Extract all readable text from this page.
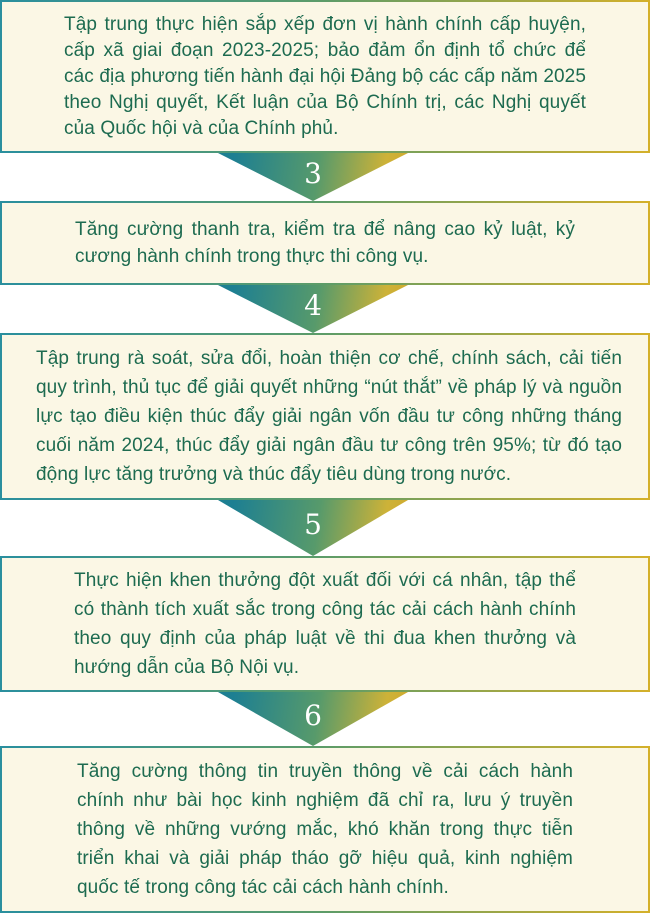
Tập trung thực hiện sắp xếp đơn vị hành chính cấp huyện, cấp xã giai đoạn 2023-2025; bảo đảm ổn định tổ chức để các địa phương tiến hành đại hội Đảng bộ các cấp năm 2025 theo Nghị quyết, Kết luận của Bộ Chính trị, các Nghị quyết của Quốc hội và của Chính phủ.
3
Tăng cường thanh tra, kiểm tra để nâng cao kỷ luật, kỷ cương hành chính trong thực thi công vụ.
4
Tập trung rà soát, sửa đổi, hoàn thiện cơ chế, chính sách, cải tiến quy trình, thủ tục để giải quyết những “nút thắt” về pháp lý và nguồn lực tạo điều kiện thúc đẩy giải ngân vốn đầu tư công những tháng cuối năm 2024, thúc đẩy giải ngân đầu tư công trên 95%; từ đó tạo động lực tăng trưởng và thúc đẩy tiêu dùng trong nước.
5
Thực hiện khen thưởng đột xuất đối với cá nhân, tập thể có thành tích xuất sắc trong công tác cải cách hành chính theo quy định của pháp luật về thi đua khen thưởng và hướng dẫn của Bộ Nội vụ.
6
Tăng cường thông tin truyền thông về cải cách hành chính như bài học kinh nghiệm đã chỉ ra, lưu ý truyền thông về những vướng mắc, khó khăn trong thực tiễn triển khai và giải pháp tháo gỡ hiệu quả, kinh nghiệm quốc tế trong công tác cải cách hành chính.
